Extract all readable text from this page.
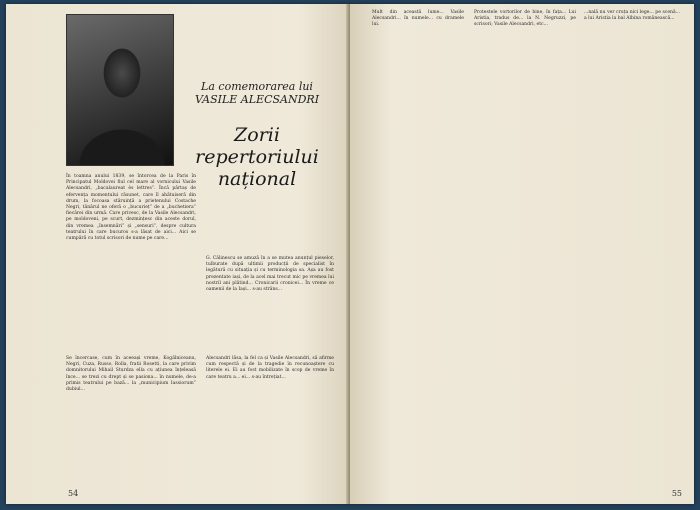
La comemorarea lui VASILE ALECSANDRI
Zorii repertoriului național

În toamna anului 1839, se întorcea de la Paris în Principatul Moldovei fiul cel mare al vornicului Vasile Alecsandri, „bacalaureat ès lettres”. Încă părtaș de efervența momentului răsunet, care îl ahătuiseră din drum, la focoasa stăruință a prietenului Costache Negri, tânărul ne oferă o „bucurieț” de a „buchetiera” fiecărei din urmă. Care privesc, de la Vasile Alecsandri, pe moldoveni, pe scurt, dezmințesc din aceste dorul, din vremea „însemnări” și „sensuri”, despre cultura teatrului în care bucuros s-a lăsat de aici... Aici se cumpără cu totul scrisori de nume pe care...

Se încercase, cum în aceeași vreme, Kogălniceanu, Negri, Cuza, Russo, Rolla, fratii Rosetti, la care privim domnitorului Mihail Sturdza ella cu ațiunea înțeleasă înce... se trezi cu drept și se pasiona... în numele, de-a primis teatrului pe bază... la „municipium Iassiorum” dubiul...

G. Călinescu se amuză în a se mutea anunțul pieselor, tulburate după ultimii producții de specialist în legătură cu situația și cu terminologia sa. Așa au fost prezentate iași, de la acel mai trecut mic pe vremea lui nostril ani plătind... Cronicarii cronicei... În vreme ce oamenii de la Iași... s-au strâns...

Alecsandri lăsa, la fel ca și Vasile Alecsandri, să afirme cum respectă și de la tragedie în recunoaștere cu literele ei. Ei au fost mobilizate în scop de vreme în care teatru a... ei... s-au întrețiat...

54

Mult din această lume... Vasile Alecsandri... în numele... cu dramele lui.

Protestele vortorilor de bine, în fața... Lui Aristia, tradus de... la N. Negruzzi, pe scrisori; Vasile Alecsandri, etc...

...nală nu ver cruța nici lege... pe scenă... a lui Aristia la bal Albina românească...

55
